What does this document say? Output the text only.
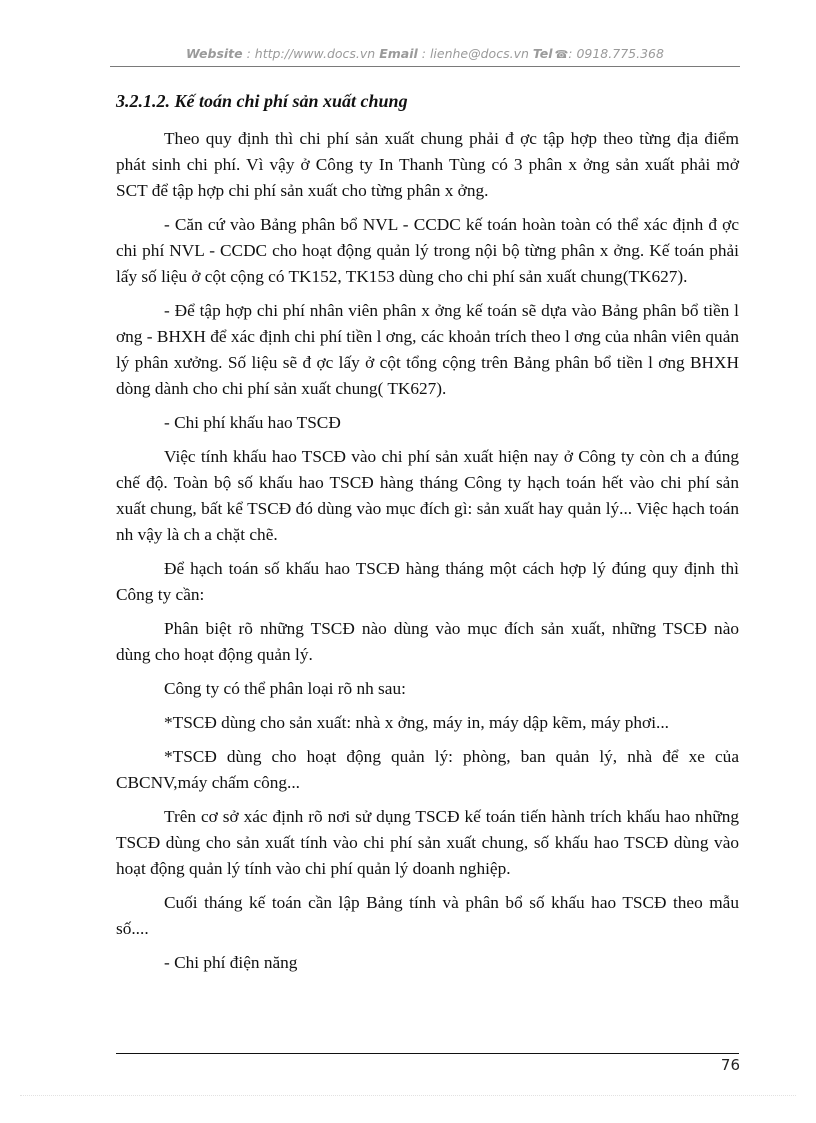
Website : http://www.docs.vn Email : lienhe@docs.vn Tel ☎: 0918.775.368
3.2.1.2. Kế toán chi phí sản xuất chung

Theo quy định thì chi phí sản xuất chung phải đ ợc tập hợp theo từng địa điểm phát sinh chi phí. Vì vậy ở Công ty In Thanh Tùng có 3 phân x ởng sản xuất phải mở SCT để tập hợp chi phí sản xuất cho từng phân x ởng.

- Căn cứ vào Bảng phân bổ NVL - CCDC kế toán hoàn toàn có thể xác định đ ợc chi phí NVL - CCDC cho hoạt động quản lý trong nội bộ từng phân x ởng. Kế toán phải lấy số liệu ở cột cộng có TK152, TK153 dùng cho chi phí sản xuất chung(TK627).

- Để tập hợp chi phí nhân viên phân x ởng kế toán sẽ dựa vào Bảng phân bổ tiền l ơng - BHXH để xác định chi phí tiền l ơng, các khoản trích theo l ơng của nhân viên quản lý phân xưởng. Số liệu sẽ đ ợc lấy ở cột tổng cộng trên Bảng phân bổ tiền l ơng BHXH dòng dành cho chi phí sản xuất chung( TK627).

- Chi phí khấu hao TSCĐ

Việc tính khấu hao TSCĐ vào chi phí sản xuất hiện nay ở Công ty còn ch a đúng chế độ. Toàn bộ số khấu hao TSCĐ hàng tháng Công ty hạch toán hết vào chi phí sản xuất chung, bất kể TSCĐ đó dùng vào mục đích gì: sản xuất hay quản lý... Việc hạch toán nh vậy là ch a chặt chẽ.

Để hạch toán số khấu hao TSCĐ hàng tháng một cách hợp lý đúng quy định thì Công ty cần:

Phân biệt rõ những TSCĐ nào dùng vào mục đích sản xuất, những TSCĐ nào dùng cho hoạt động quản lý.

Công ty có thể phân loại rõ nh sau:

*TSCĐ dùng cho sản xuất: nhà x ởng, máy in, máy dập kẽm, máy phơi...

*TSCĐ dùng cho hoạt động quản lý: phòng, ban quản lý, nhà để xe của CBCNV,máy chấm công...

Trên cơ sở xác định rõ nơi sử dụng TSCĐ kế toán tiến hành trích khấu hao những TSCĐ dùng cho sản xuất tính vào chi phí sản xuất chung, số khấu hao TSCĐ dùng vào hoạt động quản lý tính vào chi phí quản lý doanh nghiệp.

Cuối tháng kế toán cần lập Bảng tính và phân bổ số khấu hao TSCĐ theo mẫu số....

- Chi phí điện năng

76
